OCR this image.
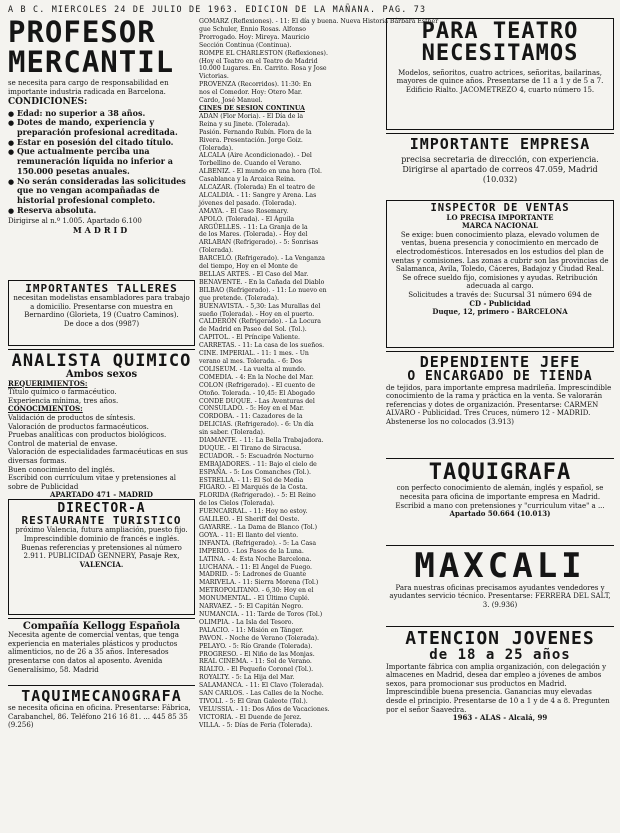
A B C. MIERCOLES 24 DE JULIO DE 1963. EDICION DE LA MAÑANA. PAG. 73
PROFESOR
MERCANTIL
se necesita para cargo de responsabilidad en importante industria radicada en Barcelona.
CONDICIONES:
● Edad: no superior a 38 años.
● Dotes de mando, experiencia y preparación profesional acreditada.
● Estar en posesión del citado título.
● Que actualmente perciba una remuneración líquida no inferior a 150.000 pesetas anuales.
● No serán consideradas las solicitudes que no vengan acompañadas de historial profesional completo.
● Reserva absoluta.
Dirigirse al n.º 1.005. Apartado 6.100
MADRID
IMPORTANTES TALLERES
necesitan modelistas ensambladores para trabajo a domicilio. Presentarse con muestra en Bernardino (Glorieta, 19 (Cuatro Caminos).
De doce a dos (9987)
ANALISTA QUIMICO
Ambos sexos
REQUERIMIENTOS:
Título químico o farmacéutico.
Experiencia mínima, tres años.
CONOCIMIENTOS:
Validación de productos de síntesis.
Valoración de productos farmacéuticos.
Pruebas analíticas con productos biológicos.
Control de material de envase.
Valoración de especialidades farmacéuticas en sus diversas formas.
Buen conocimiento del inglés.
Escribid con currículum vitae y pretensiones al sobre de Publicidad
APARTADO 471 - MADRID
DIRECTOR-A
RESTAURANTE TURISTICO
próximo Valencia, futura ampliación, puesto fijo. Imprescindible dominio de francés e inglés. Buenas referencias y pretensiones al número 2.911. PUBLICIDAD GENNERY, Pasaje Rex,
VALENCIA.
Compañía Kellogg Española
Necesita agente de comercial ventas, que tenga experiencia en materiales plásticos y productos alimenticios, no de 26 a 35 años. Interesados presentarse con datos al aposento. Avenida Generalísimo, 58. Madrid
TAQUIMECANOGRAFA
se necesita oficina en oficina. Presentarse: Fábrica, Carabanchel, 86. Teléfono 216 16 81. ... 445 85 35 (9.256)
GOMARZ (Reflexiones). - 11: El día y buena. Nueva Historia Bárbara Esther
gue Schuler, Ennio Rosas. Alfonso
Prorrogado. Hoy: Mireya. Mauricio
Sección Continua (Continua).
ROMPE EL CHARLESTON (Reflexiones).
(Hoy el Teatro en el Teatro de Madrid
10.000 Lugares. En. Carrito. Rosa y Jose
Victorias.
PROVENZA (Recorridos). 11:30: En
nos el Comedor. Hoy: Otero Mar.
Cardo, José Manuel.
CINES DE SESION CONTINUA
ADAN (Flor Moria). - El Día de la
Reina y su Jinete. (Tolerada).
Pasión. Fernando Rubín. Flora de la
Rivera. Presentación. Jorge Goiz.
(Tolerada).
ALCALA (Aire Acondicionado). - Del
Torbellino de. Cuando el Verano.
ALBENIZ. - El mundo en una hora (Tol.
Casablanca y la Arcaica Reina.
ALCAZAR. (Tolerada) En el teatro de
ALCALDIA. - 11: Sangre y Arena. Las
jóvenes del pasado. (Tolerada).
AMAYA. - El Caso Rosemary.
APOLO. (Tolerada). - El Águila
ARGÜELLES. - 11: La Granja de la
de los Mares. (Tolerada). - Hoy del
ARLABAN (Refrigerado). - 5: Sonrisas
(Tolerada).
BARCELÓ. (Refrigerado). - La Venganza
del tiempo, Hoy en el Monte de
BELLAS ARTES. - El Caso del Mar.
BENAVENTE. - En la Cañada del Diablo
BILBAO (Refrigerado). - 11: Lo nuevo en
que pretende. (Tolerada).
BUENAVISTA. - 5,30: Las Murallas del
sueño (Tolerada). - Hoy en el puerto.
CALDERÓN (Refrigerado). - La Locura
de Madrid en Paseo del Sol. (Tol.).
CAPITOL. - El Príncipe Valiente.
CARRETAS. - 11: La casa de los sueños.
CINE. IMPERIAL. - 11: 1 mes. - Un
verano al mes. Tolerada. - 6: Dos
COLISEUM. - La vuelta al mundo.
COMEDIA. - 4: En la Noche del Mar.
COLON (Refrigerado). - El cuento de
Otoño. Tolerada. - 10,45: El Abogado
CONDE DUQUE. - Las Aventuras del
CONSULADO. - 5: Hoy en el Mar.
CORDOBA. - 11: Cazadores de la
DELICIAS. (Refrigerado). - 6: Un día
sin saber. (Tolerada).
DIAMANTE. - 11: La Bella Trabajadora.
DUQUE. - El Tirano de Siracusa.
ECUADOR. - 5: Escuadrón Nocturno
EMBAJADORES. - 11: Bajo el cielo de
ESPAÑA. - 5: Los Comanches (Tol.).
ESTRELLA. - 11: El Sol de Media
FIGARO. - El Marqués de la Costa.
FLORIDA (Refrigerado). - 5: El Reino
de los Cielos (Tolerada).
FUENCARRAL. - 11: Hoy no estoy.
GALILEO. - El Sheriff del Oeste.
GAYARRE. - La Dama de Blanco (Tol.)
GOYA. - 11: El llanto del viento.
INFANTA. (Refrigerado). - 5: La Casa
IMPERIO. - Los Pasos de la Luna.
LATINA. - 4: Esta Noche Barcelona.
LUCHANA. - 11: El Ángel de Fuego.
MADRID. - 5: Ladrones de Guante
MARIVELA. - 11: Sierra Morena (Tol.)
METROPOLITANO. - 6,30: Hoy en el
MONUMENTAL. - El Último Cuplé.
NARVAEZ. - 5: El Capitán Negro.
NUMANCIA. - 11: Tarde de Toros (Tol.)
OLIMPIA. - La Isla del Tesoro.
PALACIO. - 11: Misión en Tánger.
PAVON. - Noche de Verano (Tolerada).
PELAYO. - 5: Río Grande (Tolerada).
PROGRESO. - El Niño de las Monjas.
REAL CINEMA. - 11: Sol de Verano.
RIALTO. - El Pequeño Coronel (Tol.).
ROYALTY. - 5: La Hija del Mar.
SALAMANCA. - 11: El Clavo (Tolerada).
SAN CARLOS. - Las Calles de la Noche.
TIVOLI. - 5: El Gran Galeote (Tol.).
VELUSSIA. - 11: Dos Años de Vacaciones.
VICTORIA. - El Duende de Jerez.
VILLA. - 5: Días de Feria (Tolerada).
PARA TEATRO
NECESITAMOS
Modelos, señoritos, cuatro actrices, señoritas, bailarinas, mayores de quince años. Presentarse de 11 a 1 y de 5 a 7. Edificio Rialto. JACOMETREZO 4, cuarto número 15.
IMPORTANTE EMPRESA
precisa secretaria de dirección, con experiencia. Dirigirse al apartado de correos 47.059, Madrid (10.032)
INSPECTOR DE VENTAS
LO PRECISA IMPORTANTE
MARCA NACIONAL
Se exige: buen conocimiento plaza, elevado volumen de ventas, buena presencia y conocimiento en mercado de electrodomésticos. Interesados en los estudios del plan de ventas y comisiones. Las zonas a cubrir son las provincias de Salamanca, Avila, Toledo, Cáceres, Badajoz y Ciudad Real. Se ofrece sueldo fijo, comisiones y ayudas. Retribución adecuada al cargo.
Solicitudes a través de: Sucursal 31 número 694 de
CD - Publicidad
Duque, 12, primero - BARCELONA
DEPENDIENTE JEFE
O ENCARGADO DE TIENDA
de tejidos, para importante empresa madrileña. Imprescindible conocimiento de la rama y práctica en la venta. Se valorarán referencias y dotes de organización. Presentarse: CARMEN ALVARO - Publicidad. Tres Cruces, número 12 - MADRID. Abstenerse los no colocados (3.913)
TAQUIGRAFA
con perfecto conocimiento de alemán, inglés y español, se necesita para oficina de importante empresa en Madrid. Escribid a mano con pretensiones y "curriculum vitae" a ...
Apartado 50.664 (10.013)
MAXCALI
Para nuestras oficinas precisamos ayudantes vendedores y ayudantes servicio técnico. Presentarse: FERRERA DEL SALT, 3. (9.936)
ATENCION JOVENES
de 18 a 25 años
Importante fábrica con amplia organización, con delegación y almacenes en Madrid, desea dar empleo a jóvenes de ambos sexos, para promocionar sus productos en Madrid. Imprescindible buena presencia. Ganancias muy elevadas desde el principio. Presentarse de 10 a 1 y de 4 a 8. Pregunten por el señor Saavedra.
1963 - ALAS - Alcalá, 99
